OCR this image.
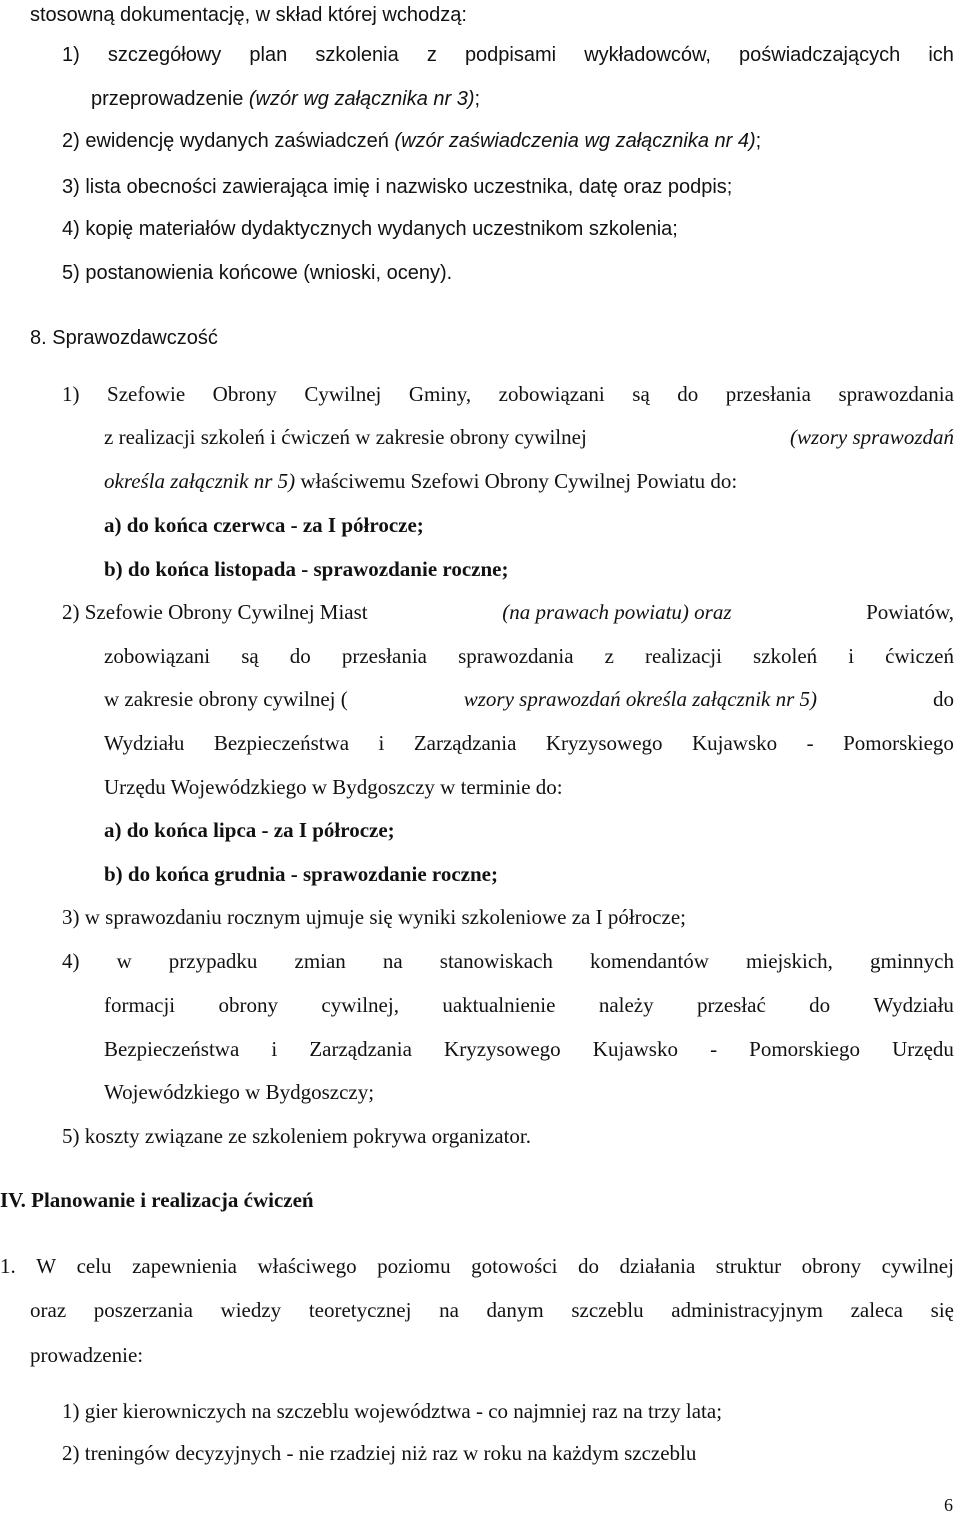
stosowną dokumentację, w skład której wchodzą:
1) szczegółowy plan szkolenia z podpisami wykładowców, poświadczających ich
przeprowadzenie (wzór wg załącznika nr 3);
2) ewidencję wydanych zaświadczeń (wzór zaświadczenia wg załącznika nr 4);
3) lista obecności zawierająca imię i nazwisko uczestnika, datę oraz podpis;
4) kopię materiałów dydaktycznych wydanych uczestnikom szkolenia;
5) postanowienia końcowe (wnioski, oceny).
8. Sprawozdawczość
1) Szefowie Obrony Cywilnej Gminy, zobowiązani są do przesłania sprawozdania
z realizacji szkoleń i ćwiczeń w zakresie obrony cywilnej	(wzory sprawozdań
określa załącznik nr 5) właściwemu Szefowi Obrony Cywilnej Powiatu do:
a) do końca czerwca - za I półrocze;
b) do końca listopada - sprawozdanie roczne;
2) Szefowie Obrony Cywilnej Miast	(na prawach powiatu) oraz	Powiatów,
zobowiązani są do przesłania sprawozdania z realizacji szkoleń i ćwiczeń
w zakresie obrony cywilnej (	wzory sprawozdań określa załącznik nr 5)	do
Wydziału Bezpieczeństwa i Zarządzania Kryzysowego Kujawsko - Pomorskiego
Urzędu Wojewódzkiego w Bydgoszczy w terminie do:
a) do końca lipca - za I półrocze;
b) do końca grudnia - sprawozdanie roczne;
3) w sprawozdaniu rocznym ujmuje się wyniki szkoleniowe za I półrocze;
4) w przypadku zmian na stanowiskach komendantów miejskich, gminnych
formacji obrony cywilnej, uaktualnienie należy przesłać do Wydziału
Bezpieczeństwa i Zarządzania Kryzysowego Kujawsko - Pomorskiego Urzędu
Wojewódzkiego w Bydgoszczy;
5) koszty związane ze szkoleniem pokrywa organizator.
IV. Planowanie i realizacja ćwiczeń
1. W celu zapewnienia właściwego poziomu gotowości do działania struktur obrony cywilnej
oraz poszerzania wiedzy teoretycznej na danym szczeblu administracyjnym zaleca się
prowadzenie:
1) gier kierowniczych na szczeblu województwa - co najmniej raz na trzy lata;
2) treningów decyzyjnych - nie rzadziej niż raz w roku na każdym szczeblu
6
